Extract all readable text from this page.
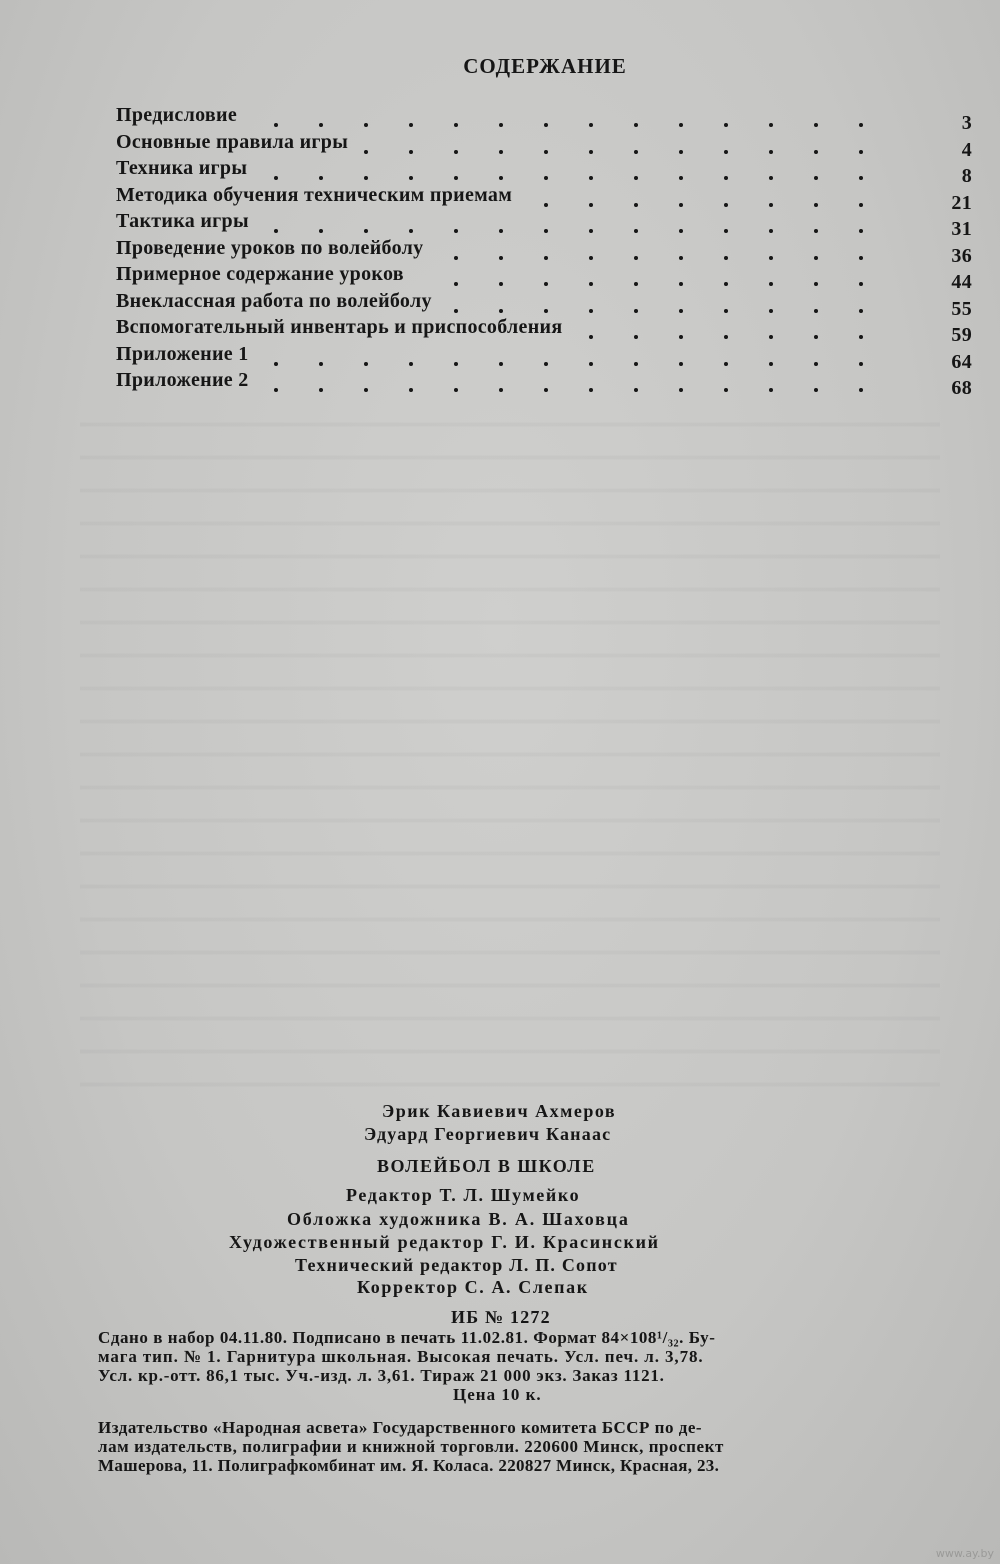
СОДЕРЖАНИЕ
Предисловие	3
Основные правила игры	4
Техника игры	8
Методика обучения техническим приемам	21
Тактика игры	31
Проведение уроков по волейболу	36
Примерное содержание уроков	44
Внеклассная работа по волейболу	55
Вспомогательный инвентарь и приспособления	59
Приложение 1	64
Приложение 2	68
Эрик Кавиевич Ахмеров
Эдуард Георгиевич Канаас
ВОЛЕЙБОЛ В ШКОЛЕ
Редактор Т. Л. Шумейко
Обложка художника В. А. Шаховца
Художественный редактор Г. И. Красинский
Технический редактор Л. П. Сопот
Корректор С. А. Слепак
ИБ № 1272
Сдано в набор 04.11.80. Подписано в печать 11.02.81. Формат 84×108¹/₃₂. Бу-
мага тип. № 1. Гарнитура школьная. Высокая печать. Усл. печ. л. 3,78.
Усл. кр.-отт. 86,1 тыс. Уч.-изд. л. 3,61. Тираж 21 000 экз. Заказ 1121.
Цена 10 к.
Издательство «Народная асвета» Государственного комитета БССР по де-
лам издательств, полиграфии и книжной торговли. 220600 Минск, проспект
Машерова, 11. Полиграфкомбинат им. Я. Коласа. 220827 Минск, Красная, 23.
www.ay.by
